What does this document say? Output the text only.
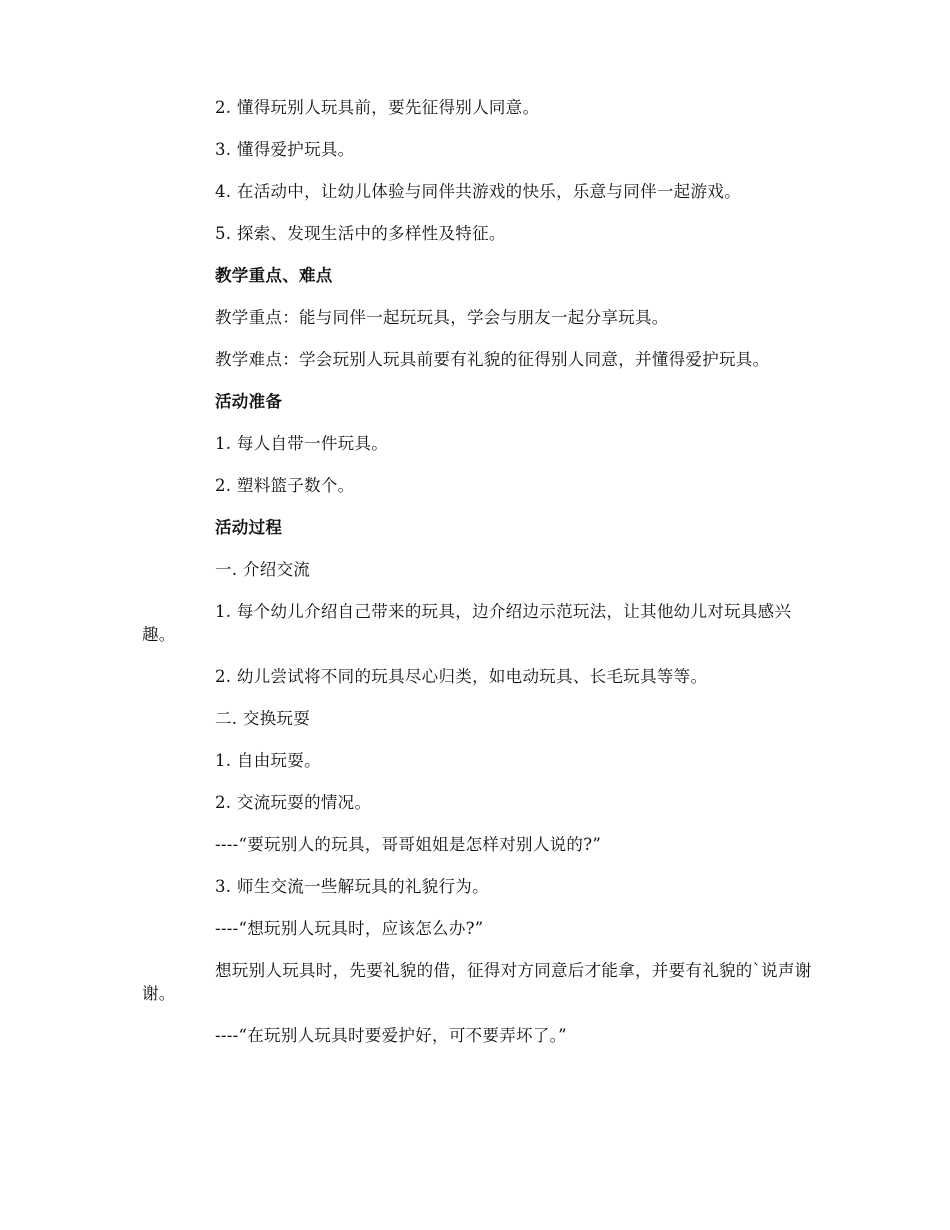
2. 懂得玩别人玩具前，要先征得别人同意。

3. 懂得爱护玩具。

4. 在活动中，让幼儿体验与同伴共游戏的快乐，乐意与同伴一起游戏。

5. 探索、发现生活中的多样性及特征。

教学重点、难点

教学重点：能与同伴一起玩玩具，学会与朋友一起分享玩具。

教学难点：学会玩别人玩具前要有礼貌的征得别人同意，并懂得爱护玩具。

活动准备

1. 每人自带一件玩具。

2. 塑料篮子数个。

活动过程

一. 介绍交流

1. 每个幼儿介绍自己带来的玩具，边介绍边示范玩法，让其他幼儿对玩具感兴趣。

2. 幼儿尝试将不同的玩具尽心归类，如电动玩具、长毛玩具等等。

二. 交换玩耍

1. 自由玩耍。

2. 交流玩耍的情况。

----“要玩别人的玩具，哥哥姐姐是怎样对别人说的?”

3. 师生交流一些解玩具的礼貌行为。

----“想玩别人玩具时，应该怎么办?”

想玩别人玩具时，先要礼貌的借，征得对方同意后才能拿，并要有礼貌的`说声谢谢。

----“在玩别人玩具时要爱护好，可不要弄坏了。”
